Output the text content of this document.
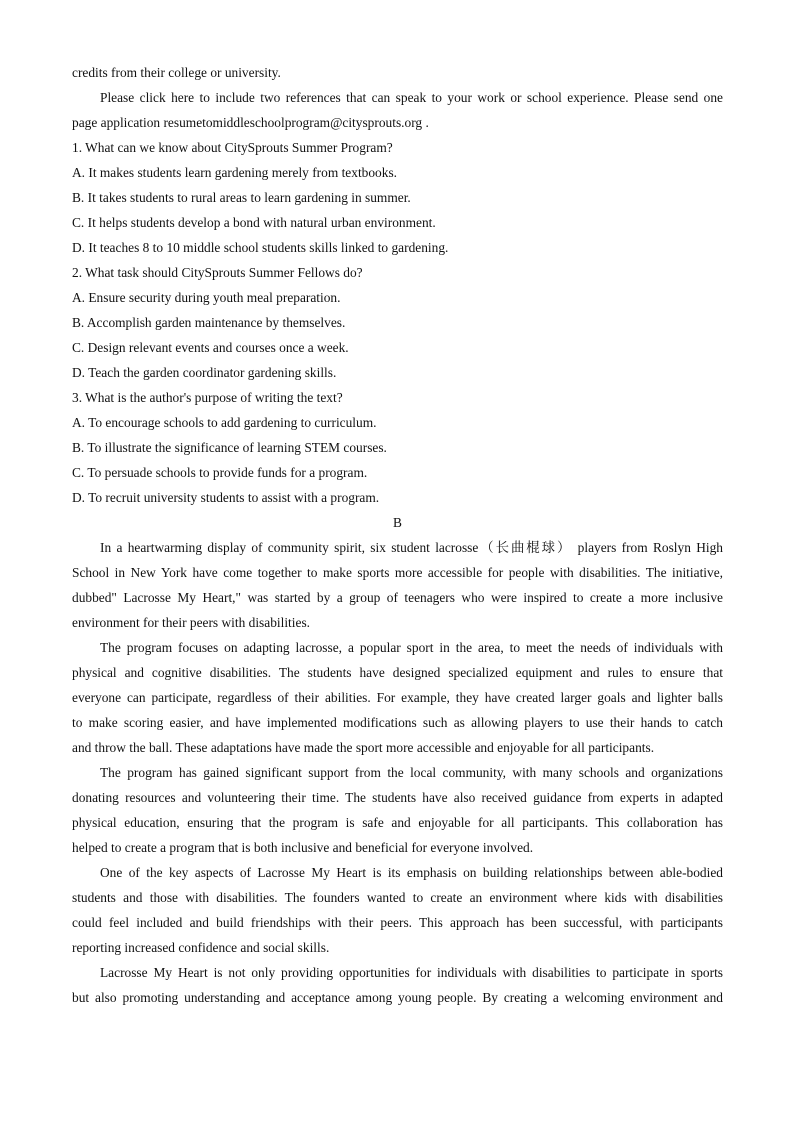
credits from their college or university.
Please click here to include two references that can speak to your work or school experience. Please send one
page application resumetomiddleschoolprogram@citysprouts.org .
1. What can we know about CitySprouts Summer Program?
A. It makes students learn gardening merely from textbooks.
B. It takes students to rural areas to learn gardening in summer.
C. It helps students develop a bond with natural urban environment.
D. It teaches 8 to 10 middle school students skills linked to gardening.
2. What task should CitySprouts Summer Fellows do?
A. Ensure security during youth meal preparation.
B. Accomplish garden maintenance by themselves.
C. Design relevant events and courses once a week.
D. Teach the garden coordinator gardening skills.
3. What is the author's purpose of writing the text?
A. To encourage schools to add gardening to curriculum.
B. To illustrate the significance of learning STEM courses.
C. To persuade schools to provide funds for a program.
D. To recruit university students to assist with a program.
B
In a heartwarming display of community spirit, six student lacrosse（长曲棍球） players from Roslyn High
School in New York have come together to make sports more accessible for people with disabilities. The initiative,
dubbed" Lacrosse My Heart," was started by a group of teenagers who were inspired to create a more inclusive
environment for their peers with disabilities.
The program focuses on adapting lacrosse, a popular sport in the area, to meet the needs of individuals with
physical and cognitive disabilities. The students have designed specialized equipment and rules to ensure that
everyone can participate, regardless of their abilities. For example, they have created larger goals and lighter balls
to make scoring easier, and have implemented modifications such as allowing players to use their hands to catch
and throw the ball. These adaptations have made the sport more accessible and enjoyable for all participants.
The program has gained significant support from the local community, with many schools and organizations
donating resources and volunteering their time. The students have also received guidance from experts in adapted
physical education, ensuring that the program is safe and enjoyable for all participants. This collaboration has
helped to create a program that is both inclusive and beneficial for everyone involved.
One of the key aspects of Lacrosse My Heart is its emphasis on building relationships between able-bodied
students and those with disabilities. The founders wanted to create an environment where kids with disabilities
could feel included and build friendships with their peers. This approach has been successful, with participants
reporting increased confidence and social skills.
Lacrosse My Heart is not only providing opportunities for individuals with disabilities to participate in sports
but also promoting understanding and acceptance among young people. By creating a welcoming environment and
